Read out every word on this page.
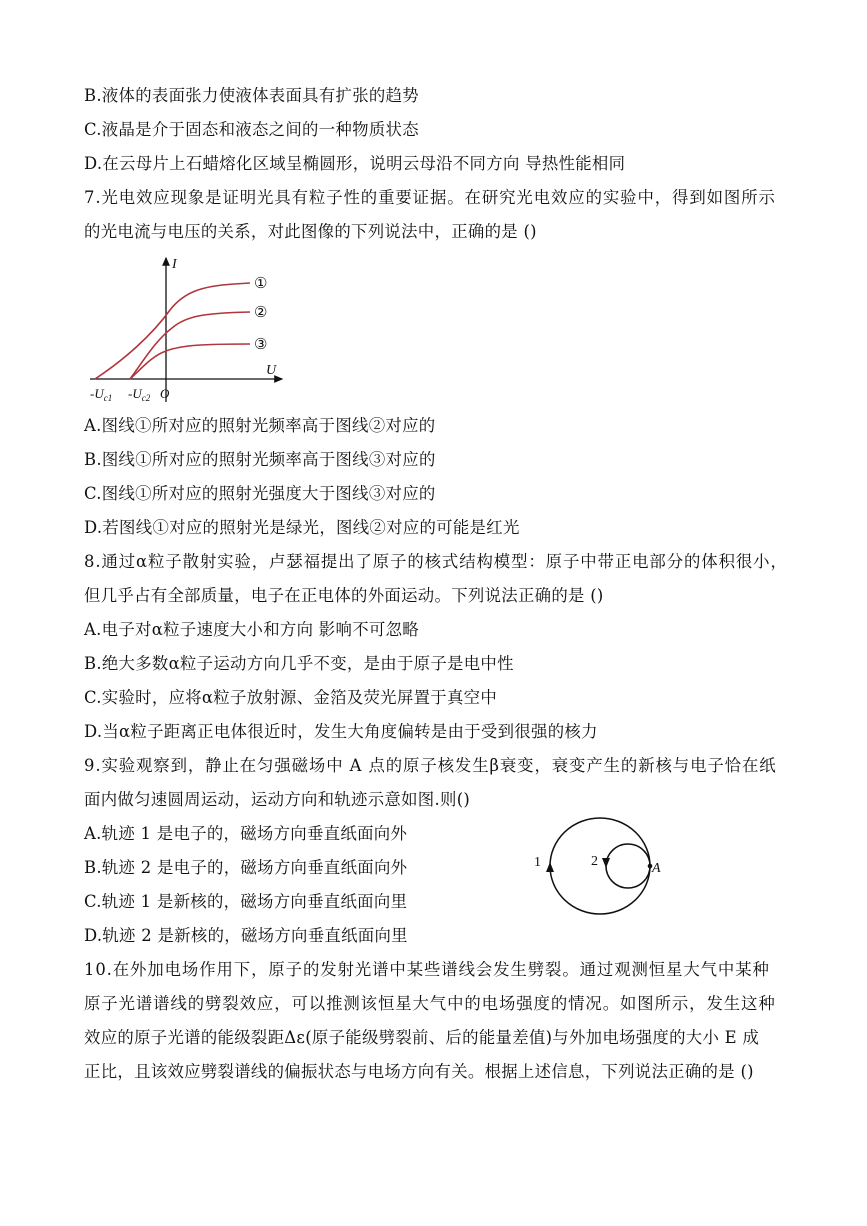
B.液体的表面张力使液体表面具有扩张的趋势
C.液晶是介于固态和液态之间的一种物质状态
D.在云母片上石蜡熔化区域呈椭圆形，说明云母沿不同方向 导热性能相同
7.光电效应现象是证明光具有粒子性的重要证据。在研究光电效应的实验中，得到如图所示
的光电流与电压的关系，对此图像的下列说法中，正确的是 ()
I
U
O
$-U_{c1}$ $-U_{c2}$
①
②
③
A.图线①所对应的照射光频率高于图线②对应的
B.图线①所对应的照射光频率高于图线③对应的
C.图线①所对应的照射光强度大于图线③对应的
D.若图线①对应的照射光是绿光，图线②对应的可能是红光
8.通过α粒子散射实验，卢瑟福提出了原子的核式结构模型：原子中带正电部分的体积很小，
但几乎占有全部质量，电子在正电体的外面运动。下列说法正确的是 ()
A.电子对α粒子速度大小和方向 影响不可忽略
B.绝大多数α粒子运动方向几乎不变，是由于原子是电中性
C.实验时，应将α粒子放射源、金箔及荧光屏置于真空中
D.当α粒子距离正电体很近时，发生大角度偏转是由于受到很强的核力
9.实验观察到，静止在匀强磁场中 A 点的原子核发生β衰变，衰变产生的新核与电子恰在纸
面内做匀速圆周运动，运动方向和轨迹示意如图.则()
A.轨迹 1 是电子的，磁场方向垂直纸面向外
B.轨迹 2 是电子的，磁场方向垂直纸面向外
C.轨迹 1 是新核的，磁场方向垂直纸面向里
D.轨迹 2 是新核的，磁场方向垂直纸面向里
1	2	A
10.在外加电场作用下，原子的发射光谱中某些谱线会发生劈裂。通过观测恒星大气中某种
原子光谱谱线的劈裂效应，可以推测该恒星大气中的电场强度的情况。如图所示，发生这种
效应的原子光谱的能级裂距Δε(原子能级劈裂前、后的能量差值)与外加电场强度的大小 E 成
正比，且该效应劈裂谱线的偏振状态与电场方向有关。根据上述信息，下列说法正确的是 ()
